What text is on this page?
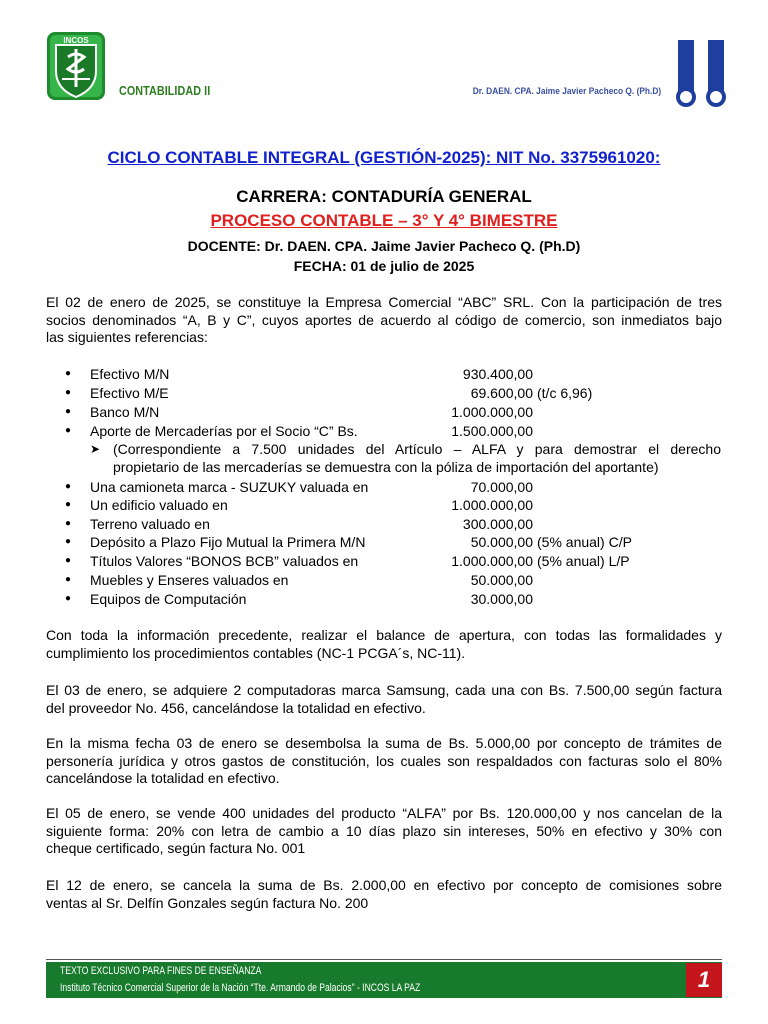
INCOS
CONTABILIDAD II	Dr. DAEN. CPA. Jaime Javier Pacheco Q. (Ph.D)
CICLO CONTABLE INTEGRAL (GESTIÓN-2025): NIT No. 3375961020:
CARRERA: CONTADURÍA GENERAL
PROCESO CONTABLE – 3° Y 4° BIMESTRE
DOCENTE: Dr. DAEN. CPA. Jaime Javier Pacheco Q. (Ph.D)
FECHA: 01 de julio de 2025
El 02 de enero de 2025, se constituye la Empresa Comercial “ABC” SRL. Con la participación de tres
socios denominados “A, B y C”, cuyos aportes de acuerdo al código de comercio, son inmediatos bajo
las siguientes referencias:
● Efectivo M/N	930.400,00
● Efectivo M/E	69.600,00 (t/c 6,96)
● Banco M/N	1.000.000,00
● Aporte de Mercaderías por el Socio “C” Bs.	1.500.000,00
➤ (Correspondiente a 7.500 unidades del Artículo – ALFA y para demostrar el derecho
propietario de las mercaderías se demuestra con la póliza de importación del aportante)
● Una camioneta marca - SUZUKY valuada en	70.000,00
● Un edificio valuado en	1.000.000,00
● Terreno valuado en	300.000,00
● Depósito a Plazo Fijo Mutual la Primera M/N	50.000,00 (5% anual) C/P
● Títulos Valores “BONOS BCB” valuados en	1.000.000,00 (5% anual) L/P
● Muebles y Enseres valuados en	50.000,00
● Equipos de Computación	30.000,00
Con toda la información precedente, realizar el balance de apertura, con todas las formalidades y
cumplimiento los procedimientos contables (NC-1 PCGA´s, NC-11).
El 03 de enero, se adquiere 2 computadoras marca Samsung, cada una con Bs. 7.500,00 según factura
del proveedor No. 456, cancelándose la totalidad en efectivo.
En la misma fecha 03 de enero se desembolsa la suma de Bs. 5.000,00 por concepto de trámites de
personería jurídica y otros gastos de constitución, los cuales son respaldados con facturas solo el 80%
cancelándose la totalidad en efectivo.
El 05 de enero, se vende 400 unidades del producto “ALFA” por Bs. 120.000,00 y nos cancelan de la
siguiente forma: 20% con letra de cambio a 10 días plazo sin intereses, 50% en efectivo y 30% con
cheque certificado, según factura No. 001
El 12 de enero, se cancela la suma de Bs. 2.000,00 en efectivo por concepto de comisiones sobre
ventas al Sr. Delfín Gonzales según factura No. 200
TEXTO EXCLUSIVO PARA FINES DE ENSEÑANZA
Instituto Técnico Comercial Superior de la Nación “Tte. Armando de Palacios” - INCOS LA PAZ	1
